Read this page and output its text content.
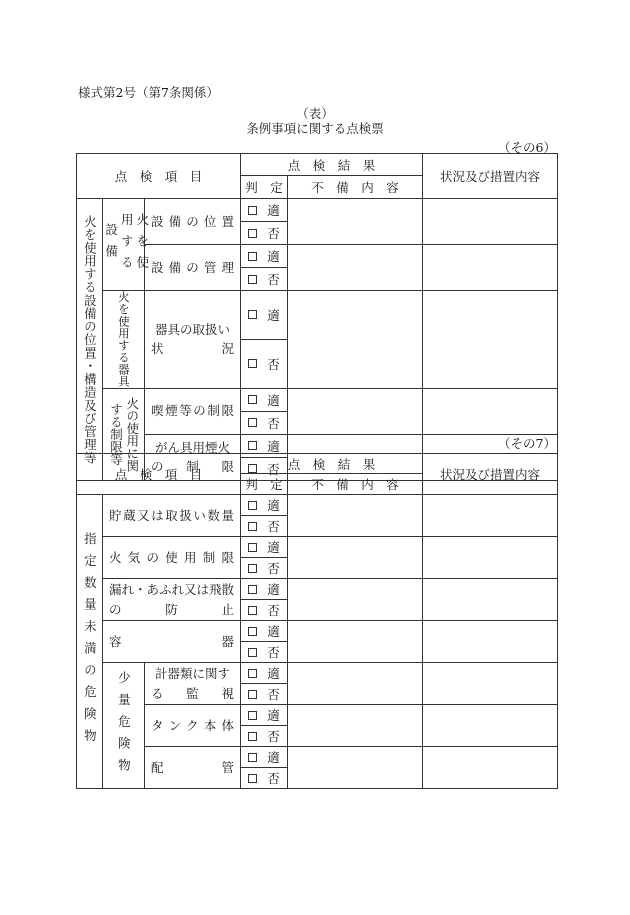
様式第2号（第7条関係）
（表）
条例事項に関する点検票
（その6）
点　検　項　目			点　検　結　果		状況及び措置内容
			判　定	不　備　内　容	

火を使用する設備の位置・構造及び管理等	火を使用する設備	設備の位置	適		

			否		

		設備の管理	適		

			否		

	火を使用する器具	器具の取扱い状況	適		

			否		

	火の使用に関する制限等	喫煙等の制限	適		

			否		

		がん具用煙火の制限	適		

			否		
（その7）
点　検　項　目			点　検　結　果		状況及び措置内容
			判　定	不　備　内　容	

指定数量未満の危険物	貯蔵又は取扱い数量		適		

			否		

	火気の使用制限		適		

			否		

	漏れ・あふれ又は飛散の防止		適		

			否		

	容器		適		

			否		

	少量危険物	計器類に関する監視	適		

			否		

		タンク本体	適		

			否		

		配管	適		

			否		
